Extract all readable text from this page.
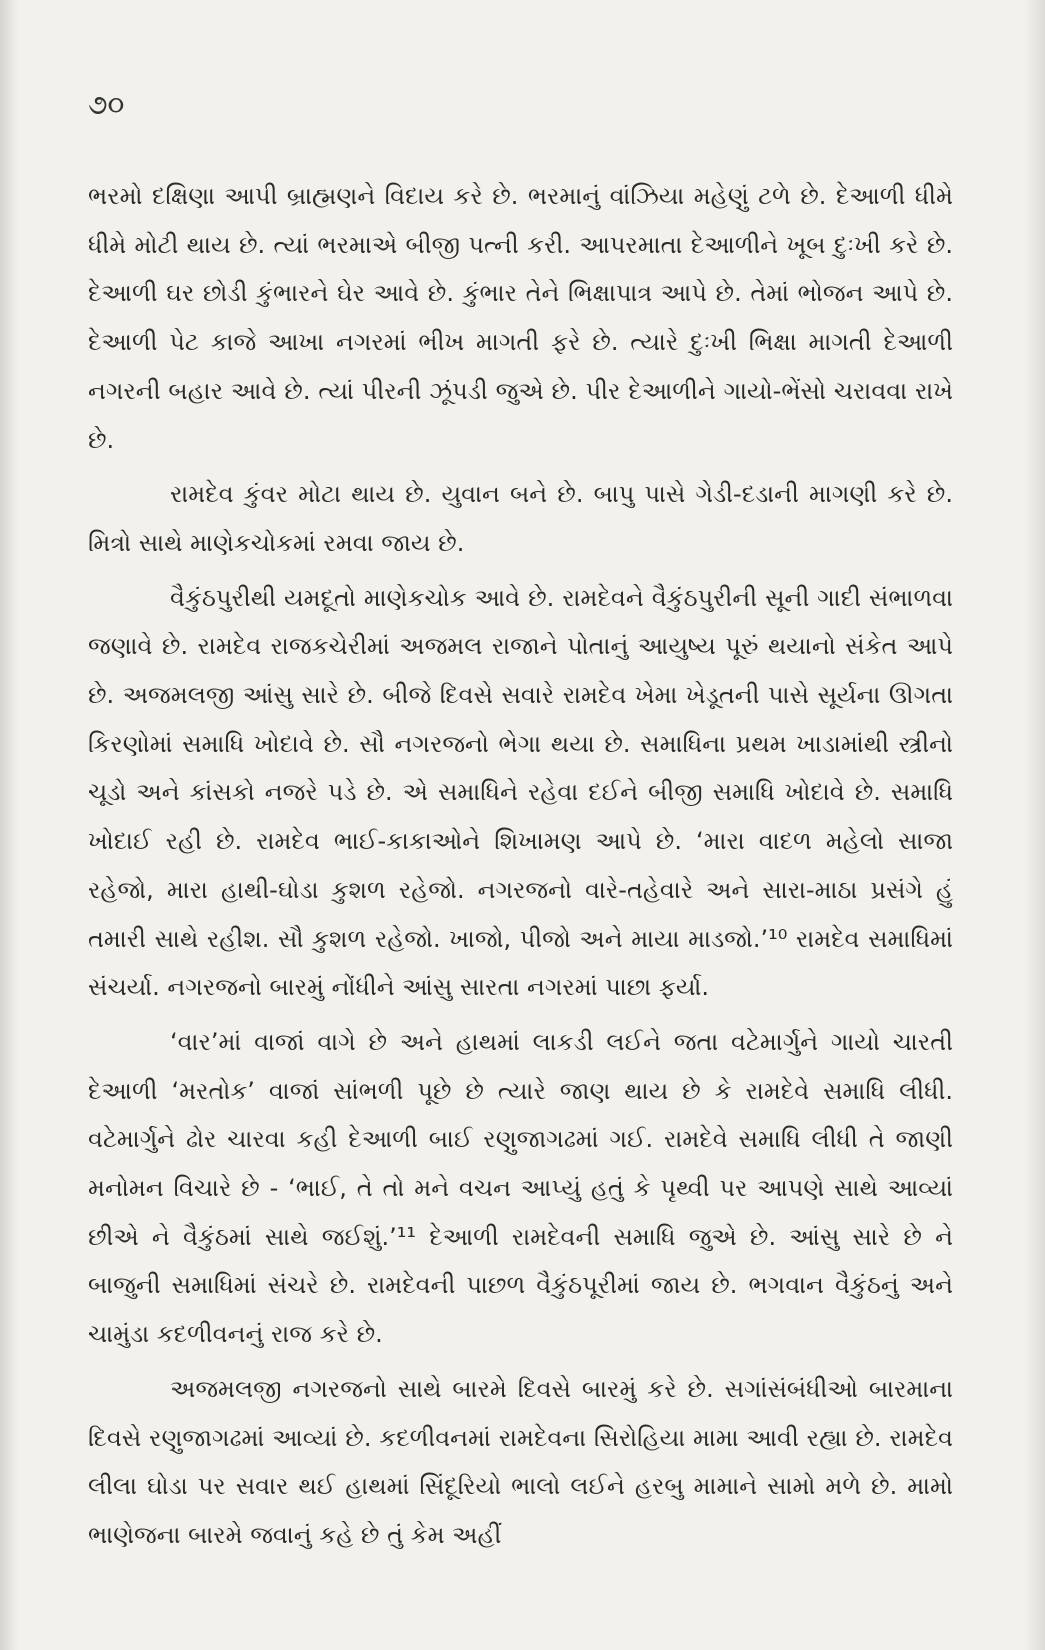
૭૦

ભરમો દક્ષિણા આપી બ્રાહ્મણને વિદાય કરે છે. ભરમાનું વાંઝિયા મહેણું ટળે છે. દેઆળી ધીમે ધીમે મોટી થાય છે. ત્યાં ભરમાએ બીજી પત્ની કરી. આપરમાતા દેઆળીને ખૂબ દુઃખી કરે છે. દેઆળી ઘર છોડી કુંભારને ઘેર આવે છે. કુંભાર તેને ભિક્ષાપાત્ર આપે છે. તેમાં ભોજન આપે છે. દેઆળી પેટ કાજે આખા નગરમાં ભીખ માગતી ફરે છે. ત્યારે દુઃખી ભિક્ષા માગતી દેઆળી નગરની બહાર આવે છે. ત્યાં પીરની ઝૂંપડી જુએ છે. પીર દેઆળીને ગાયો-ભેંસો ચરાવવા રાખે છે.

રામદેવ કુંવર મોટા થાય છે. યુવાન બને છે. બાપુ પાસે ગેડી-દડાની માગણી કરે છે. મિત્રો સાથે માણેકચોકમાં રમવા જાય છે.

વૈકુંઠપુરીથી યમદૂતો માણેકચોક આવે છે. રામદેવને વૈકુંઠપુરીની સૂની ગાદી સંભાળવા જણાવે છે. રામદેવ રાજકચેરીમાં અજમલ રાજાને પોતાનું આયુષ્ય પૂરું થયાનો સંકેત આપે છે. અજમલજી આંસુ સારે છે. બીજે દિવસે સવારે રામદેવ ખેમા ખેડૂતની પાસે સૂર્યના ઊગતા કિરણોમાં સમાધિ ખોદાવે છે. સૌ નગરજનો ભેગા થયા છે. સમાધિના પ્રથમ ખાડામાંથી સ્ત્રીનો ચૂડો અને કાંસકો નજરે પડે છે. એ સમાધિને રહેવા દઈને બીજી સમાધિ ખોદાવે છે. સમાધિ ખોદાઈ રહી છે. રામદેવ ભાઈ-કાકાઓને શિખામણ આપે છે. ‘મારા વાદળ મહેલો સાજા રહેજો, મારા હાથી-ઘોડા કુશળ રહેજો. નગરજનો વારે-તહેવારે અને સારા-માઠા પ્રસંગે હું તમારી સાથે રહીશ. સૌ કુશળ રહેજો. ખાજો, પીજો અને માયા માડજો.’¹⁰ રામદેવ સમાધિમાં સંચર્યા. નગરજનો બારમું નોંધીને આંસુ સારતા નગરમાં પાછા ફર્યા.

‘વાર’માં વાજાં વાગે છે અને હાથમાં લાકડી લઈને જતા વટેમાર્ગુને ગાયો ચારતી દેઆળી ‘મરતોક’ વાજાં સાંભળી પૂછે છે ત્યારે જાણ થાય છે કે રામદેવે સમાધિ લીધી. વટેમાર્ગુને ઢોર ચારવા કહી દેઆળી બાઈ રણુજાગઢમાં ગઈ. રામદેવે સમાધિ લીધી તે જાણી મનોમન વિચારે છે - ‘ભાઈ, તે તો મને વચન આપ્યું હતું કે પૃથ્વી પર આપણે સાથે આવ્યાં છીએ ને વૈકુંઠમાં સાથે જઈશું.’¹¹ દેઆળી રામદેવની સમાધિ જુએ છે. આંસુ સારે છે ને બાજુની સમાધિમાં સંચરે છે. રામદેવની પાછળ વૈકુંઠપૂરીમાં જાય છે. ભગવાન વૈકુંઠનું અને ચામુંડા કદળીવનનું રાજ કરે છે.

અજમલજી નગરજનો સાથે બારમે દિવસે બારમું કરે છે. સગાંસંબંધીઓ બારમાના દિવસે રણુજાગઢમાં આવ્યાં છે. કદળીવનમાં રામદેવના સિરોહિયા મામા આવી રહ્યા છે. રામદેવ લીલા ઘોડા પર સવાર થઈ હાથમાં સિંદૂરિયો ભાલો લઈને હરબુ મામાને સામો મળે છે. મામો ભાણેજના બારમે જવાનું કહે છે તું કેમ અહીં
